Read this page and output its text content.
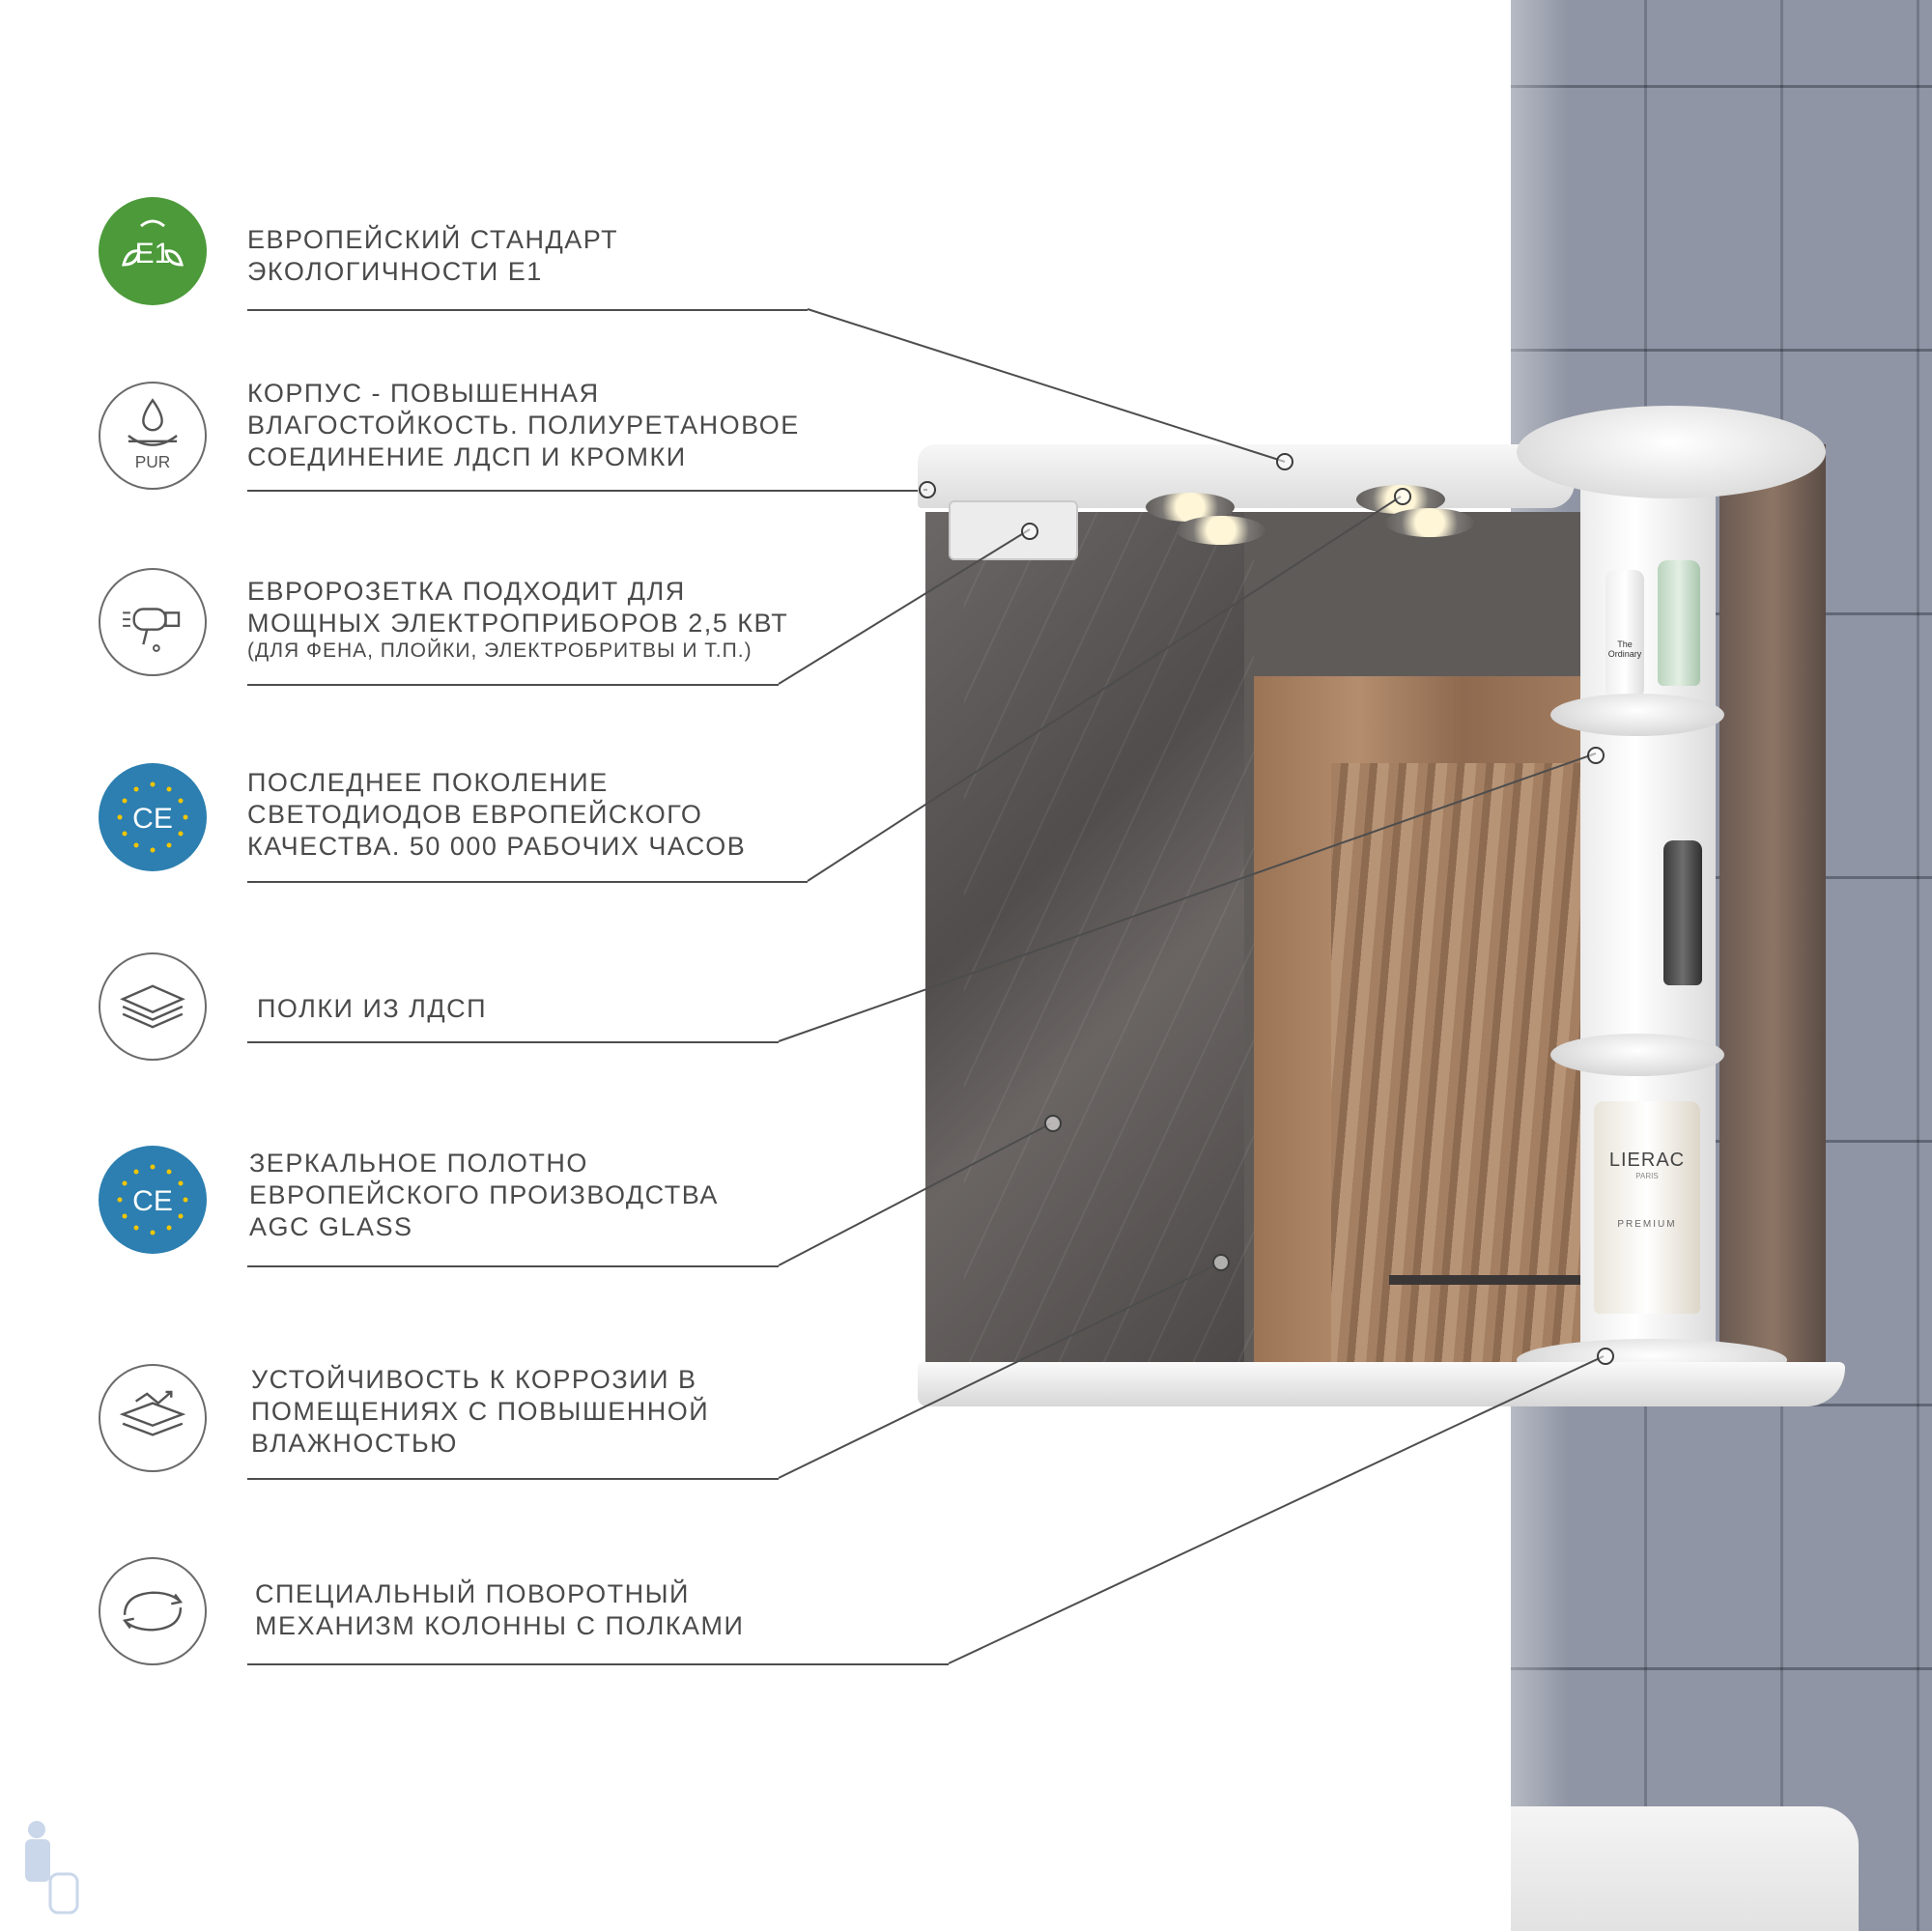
E1	ЕВРОПЕЙСКИЙ СТАНДАРТ
ЭКОЛОГИЧНОСТИ E1
PUR
КОРПУС - ПОВЫШЕННАЯ
ВЛАГОСТОЙКОСТЬ. ПОЛИУРЕТАНОВОЕ
СОЕДИНЕНИЕ ЛДСП И КРОМКИ
ЕВРОРОЗЕТКА ПОДХОДИТ ДЛЯ
МОЩНЫХ ЭЛЕКТРОПРИБОРОВ 2,5 КВТ
(ДЛЯ ФЕНА, ПЛОЙКИ, ЭЛЕКТРОБРИТВЫ И Т.П.)
CE
ПОСЛЕДНЕЕ ПОКОЛЕНИЕ
СВЕТОДИОДОВ ЕВРОПЕЙСКОГО
КАЧЕСТВА. 50 000 РАБОЧИХ ЧАСОВ
ПОЛКИ ИЗ ЛДСП
CE
ЗЕРКАЛЬНОЕ ПОЛОТНО
ЕВРОПЕЙСКОГО ПРОИЗВОДСТВА
AGC GLASS
УСТОЙЧИВОСТЬ К КОРРОЗИИ В
ПОМЕЩЕНИЯХ С ПОВЫШЕННОЙ
ВЛАЖНОСТЬЮ
СПЕЦИАЛЬНЫЙ ПОВОРОТНЫЙ
МЕХАНИЗМ КОЛОННЫ С ПОЛКАМИ
The Ordinary
LIERAC
PARIS
PREMIUM
